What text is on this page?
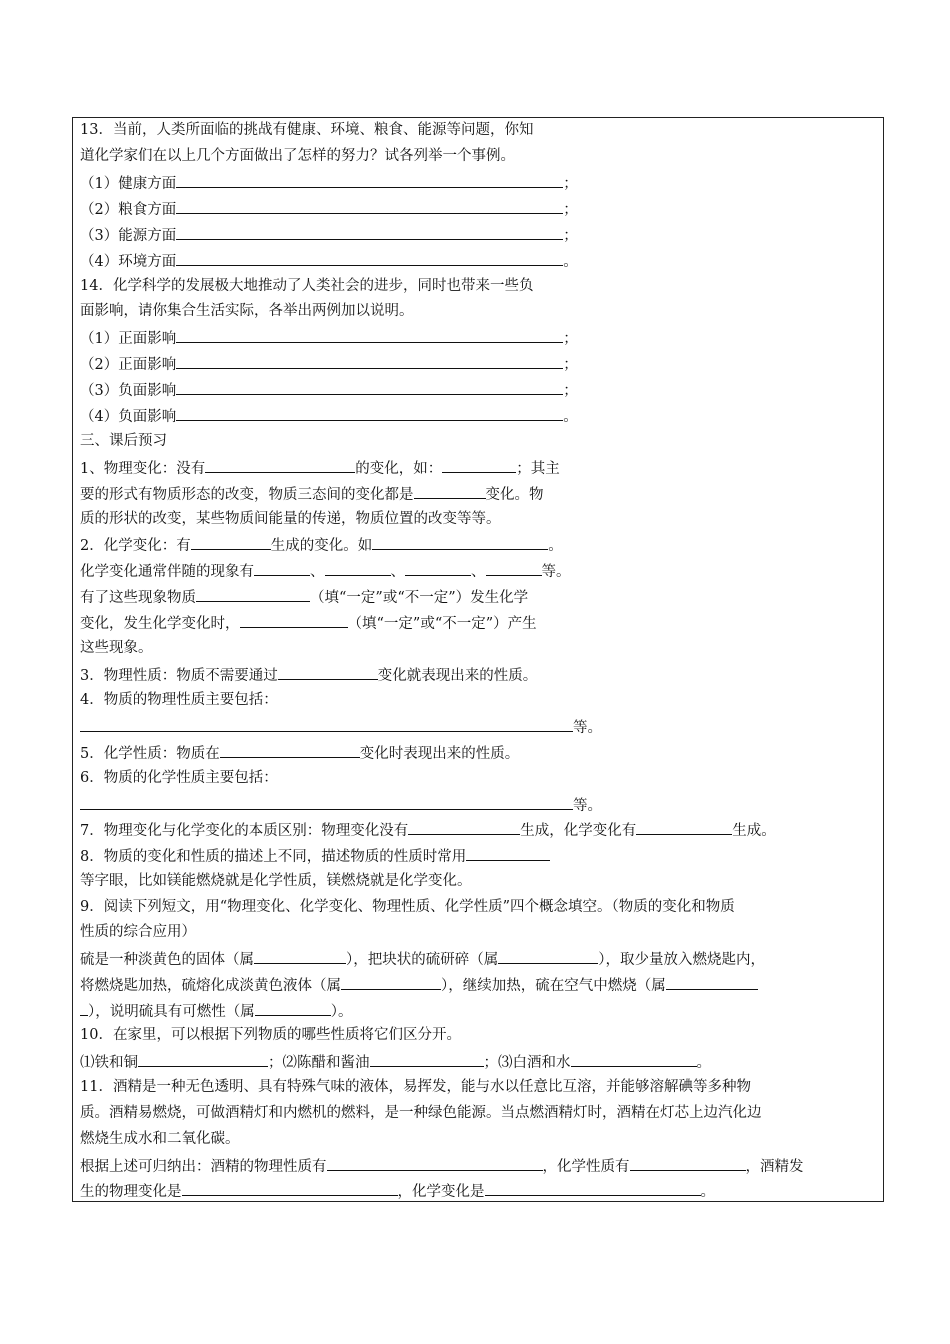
13．当前，人类所面临的挑战有健康、环境、粮食、能源等问题，你知
道化学家们在以上几个方面做出了怎样的努力？试各列举一个事例。
（1）健康方面	；
（2）粮食方面	；
（3）能源方面	；
（4）环境方面	。
14．化学科学的发展极大地推动了人类社会的进步，同时也带来一些负
面影响，请你集合生活实际，各举出两例加以说明。
（1）正面影响	；
（2）正面影响	；
（3）负面影响	；
（4）负面影响	。
三、课后预习
1、物理变化：没有	的变化，如：	；其主
要的形式有物质形态的改变，物质三态间的变化都是	变化。物
质的形状的改变，某些物质间能量的传递，物质位置的改变等等。
2．化学变化：有	生成的变化。如	。
化学变化通常伴随的现象有	、	、	、	等。
有了这些现象物质	（填“一定”或“不一定”）发生化学
变化，发生化学变化时，	（填“一定”或“不一定”）产生
这些现象。
3．物理性质：物质不需要通过	变化就表现出来的性质。
4．物质的物理性质主要包括：
等。
5．化学性质：物质在	变化时表现出来的性质。
6．物质的化学性质主要包括：
等。
7．物理变化与化学变化的本质区别：物理变化没有	生成，化学变化有	生成。
8．物质的变化和性质的描述上不同，描述物质的性质时常用
等字眼，比如镁能燃烧就是化学性质，镁燃烧就是化学变化。
9．阅读下列短文，用“物理变化、化学变化、物理性质、化学性质”四个概念填空。（物质的变化和物质
性质的综合应用）
硫是一种淡黄色的固体（属	），把块状的硫研碎（属	），取少量放入燃烧匙内，
将燃烧匙加热，硫熔化成淡黄色液体（属	），继续加热，硫在空气中燃烧（属
），说明硫具有可燃性（属	）。
10．在家里，可以根据下列物质的哪些性质将它们区分开。
⑴铁和铜	；⑵陈醋和酱油	；⑶白酒和水	。
11．酒精是一种无色透明、具有特殊气味的液体，易挥发，能与水以任意比互溶，并能够溶解碘等多种物
质。酒精易燃烧，可做酒精灯和内燃机的燃料，是一种绿色能源。当点燃酒精灯时，酒精在灯芯上边汽化边
燃烧生成水和二氧化碳。
根据上述可归纳出：酒精的物理性质有	，化学性质有	，酒精发
生的物理变化是	，化学变化是	。
